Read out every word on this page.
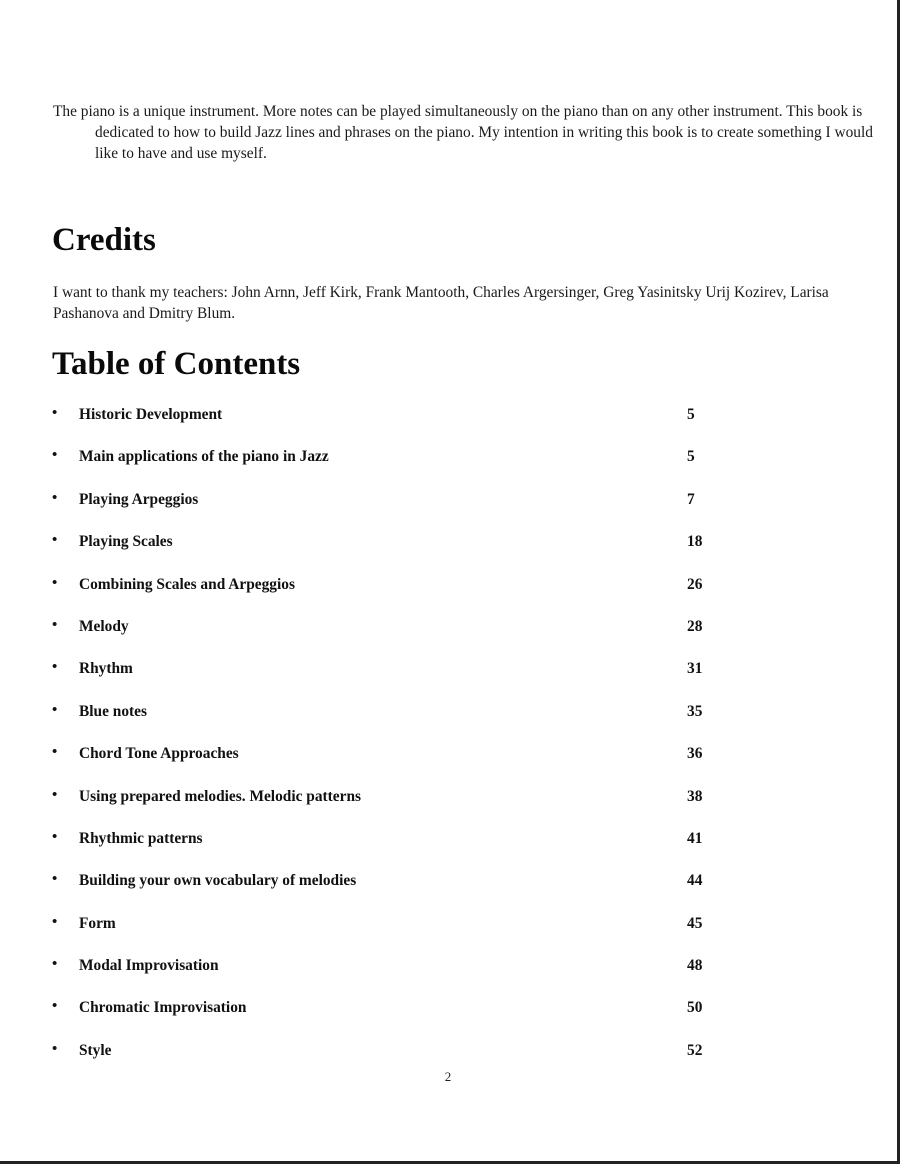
The piano is a unique instrument. More notes can be played simultaneously on the piano than on any other instrument. This book is dedicated to how to build Jazz lines and phrases on the piano. My intention in writing this book is to create something I would like to have and use myself.

Credits

I want to thank my teachers: John Arnn, Jeff Kirk, Frank Mantooth, Charles Argersinger, Greg Yasinitsky Urij Kozirev, Larisa Pashanova and Dmitry Blum.

Table of Contents
• Historic Development	5
• Main applications of the piano in Jazz	5
• Playing Arpeggios	7
• Playing Scales	18
• Combining Scales and Arpeggios	26
• Melody	28
• Rhythm	31
• Blue notes	35
• Chord Tone Approaches	36
• Using prepared melodies. Melodic patterns	38
• Rhythmic patterns	41
• Building your own vocabulary of melodies	44
• Form	45
• Modal Improvisation	48
• Chromatic Improvisation	50
• Style	52
2
